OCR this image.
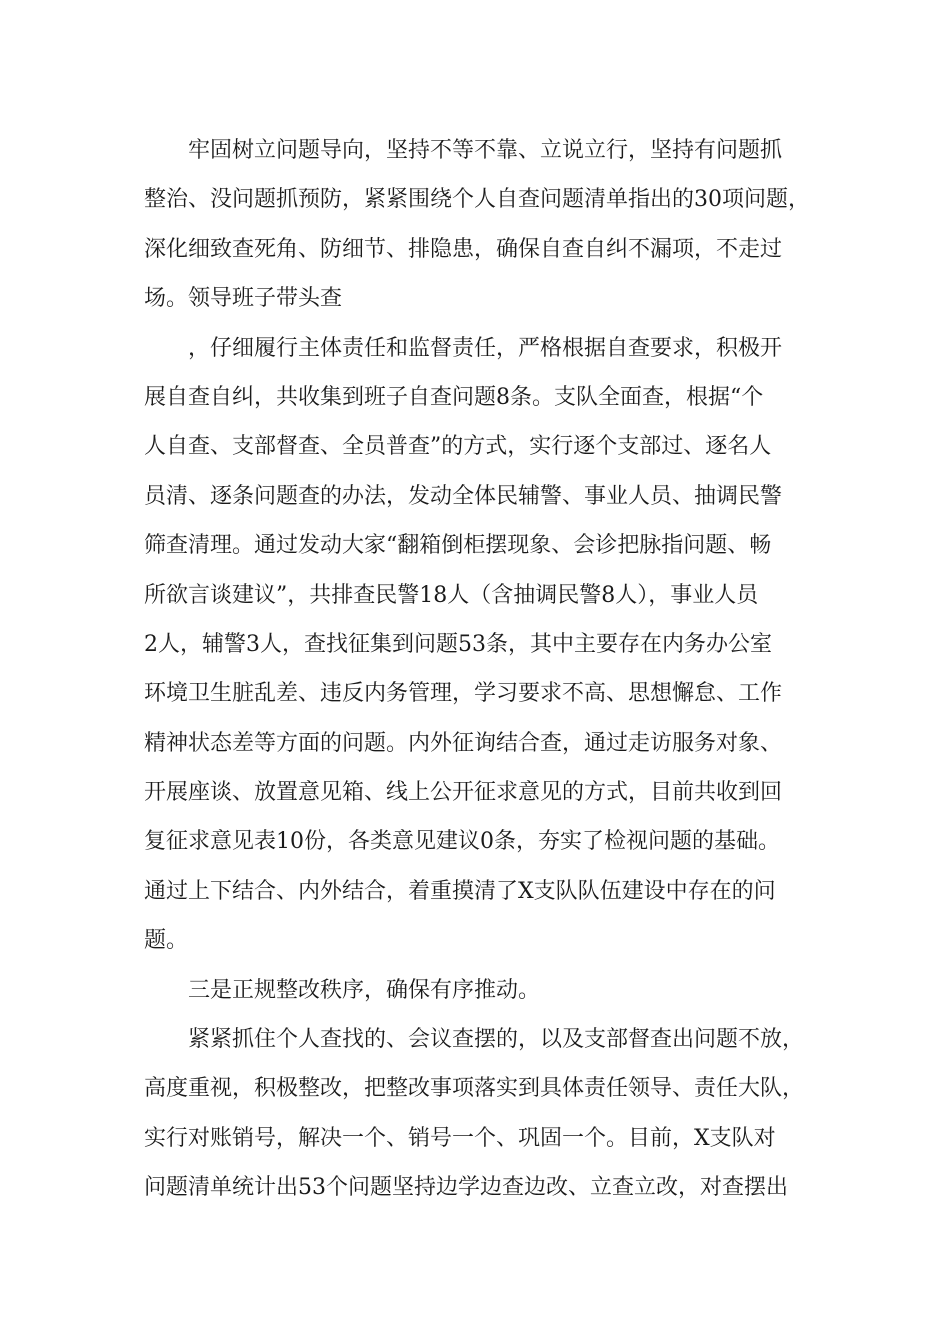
牢固树立问题导向，坚持不等不靠、立说立行，坚持有问题抓
整治、没问题抓预防，紧紧围绕个人自查问题清单指出的30项问题，
深化细致查死角、防细节、排隐患，确保自查自纠不漏项，不走过
场。领导班子带头查
，仔细履行主体责任和监督责任，严格根据自查要求，积极开
展自查自纠，共收集到班子自查问题8条。支队全面查，根据“个
人自查、支部督查、全员普查”的方式，实行逐个支部过、逐名人
员清、逐条问题查的办法，发动全体民辅警、事业人员、抽调民警
筛查清理。通过发动大家“翻箱倒柜摆现象、会诊把脉指问题、畅
所欲言谈建议”，共排查民警18人（含抽调民警8人），事业人员
2人，辅警3人，查找征集到问题53条，其中主要存在内务办公室
环境卫生脏乱差、违反内务管理，学习要求不高、思想懈怠、工作
精神状态差等方面的问题。内外征询结合查，通过走访服务对象、
开展座谈、放置意见箱、线上公开征求意见的方式，目前共收到回
复征求意见表10份，各类意见建议0条，夯实了检视问题的基础。
通过上下结合、内外结合，着重摸清了X支队队伍建设中存在的问
题。
三是正规整改秩序，确保有序推动。
紧紧抓住个人查找的、会议查摆的，以及支部督查出问题不放，
高度重视，积极整改，把整改事项落实到具体责任领导、责任大队，
实行对账销号，解决一个、销号一个、巩固一个。目前，X支队对
问题清单统计出53个问题坚持边学边查边改、立查立改，对查摆出
